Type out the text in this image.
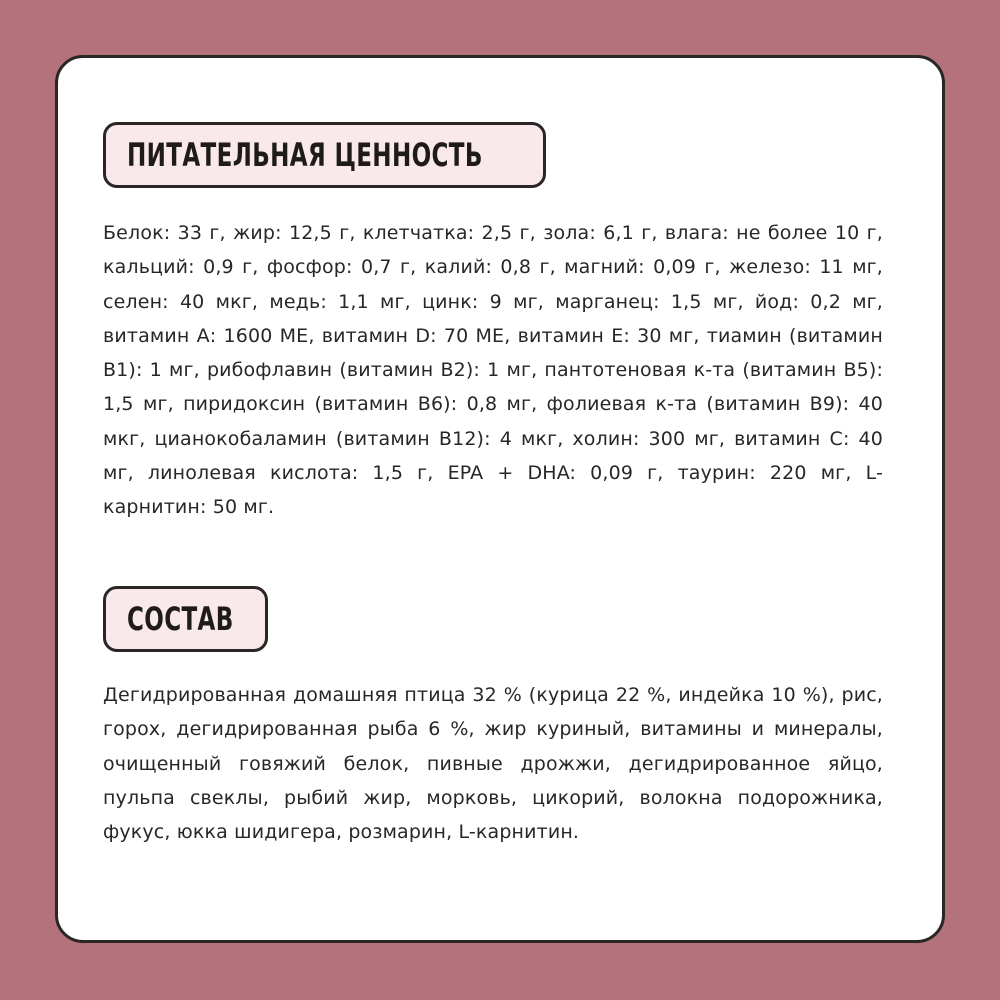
ПИТАТЕЛЬНАЯ ЦЕННОСТЬ

Белок: 33 г, жир: 12,5 г, клетчатка: 2,5 г, зола: 6,1 г, влага: не более 10 г, кальций: 0,9 г, фосфор: 0,7 г, калий: 0,8 г, магний: 0,09 г, железо: 11 мг, селен: 40 мкг, медь: 1,1 мг, цинк: 9 мг, марганец: 1,5 мг, йод: 0,2 мг, витамин А: 1600 МЕ, витамин D: 70 МЕ, витамин Е: 30 мг, тиамин (витамин В1): 1 мг, рибофлавин (витамин В2): 1 мг, пантотеновая к-та (витамин В5): 1,5 мг, пиридоксин (витамин В6): 0,8 мг, фолиевая к-та (витамин В9): 40 мкг, цианокобаламин (витамин В12): 4 мкг, холин: 300 мг, витамин С: 40 мг, линолевая кислота: 1,5 г, EPA + DHA: 0,09 г, таурин: 220 мг, L-карнитин: 50 мг.

СОСТАВ

Дегидрированная домашняя птица 32 % (курица 22 %, индейка 10 %), рис, горох, дегидрированная рыба 6 %, жир куриный, витамины и минералы, очищенный говяжий белок, пивные дрожжи, дегидрированное яйцо, пульпа свеклы, рыбий жир, морковь, цикорий, волокна подорожника, фукус, юкка шидигера, розмарин, L-карнитин.
